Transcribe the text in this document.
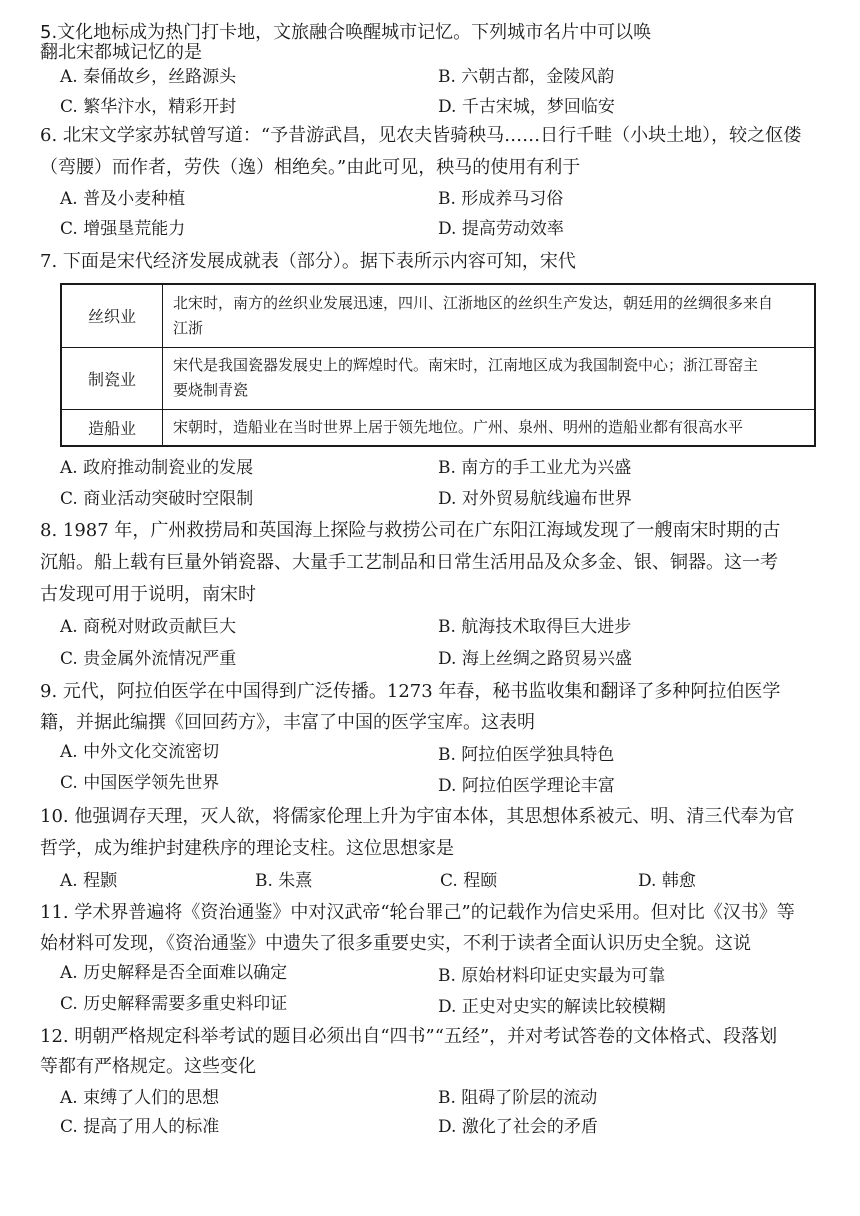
5.文化地标成为热门打卡地，文旅融合唤醒城市记忆。下列城市名片中可以唤
翻北宋都城记忆的是
A. 秦俑故乡，丝路源头	B. 六朝古都，金陵风韵
C. 繁华汴水，精彩开封	D. 千古宋城，梦回临安
6. 北宋文学家苏轼曾写道：“予昔游武昌，见农夫皆骑秧马……日行千畦（小块土地），较之伛偻
（弯腰）而作者，劳佚（逸）相绝矣。”由此可见，秧马的使用有利于
A. 普及小麦种植	B. 形成养马习俗
C. 增强垦荒能力	D. 提高劳动效率
7. 下面是宋代经济发展成就表（部分）。据下表所示内容可知，宋代
丝织业	北宋时，南方的丝织业发展迅速，四川、江浙地区的丝织生产发达，朝廷用的丝绸很多来自
江浙

制瓷业	宋代是我国瓷器发展史上的辉煌时代。南宋时，江南地区成为我国制瓷中心；浙江哥窑主
要烧制青瓷

造船业	宋朝时，造船业在当时世界上居于领先地位。广州、泉州、明州的造船业都有很高水平
A. 政府推动制瓷业的发展	B. 南方的手工业尤为兴盛
C. 商业活动突破时空限制	D. 对外贸易航线遍布世界
8. 1987 年，广州救捞局和英国海上探险与救捞公司在广东阳江海域发现了一艘南宋时期的古
沉船。船上载有巨量外销瓷器、大量手工艺制品和日常生活用品及众多金、银、铜器。这一考
古发现可用于说明，南宋时
A. 商税对财政贡献巨大	B. 航海技术取得巨大进步
C. 贵金属外流情况严重	D. 海上丝绸之路贸易兴盛
9. 元代，阿拉伯医学在中国得到广泛传播。1273 年春，秘书监收集和翻译了多种阿拉伯医学
籍，并据此编撰《回回药方》，丰富了中国的医学宝库。这表明
A. 中外文化交流密切	B. 阿拉伯医学独具特色
C. 中国医学领先世界	D. 阿拉伯医学理论丰富
10. 他强调存天理，灭人欲，将儒家伦理上升为宇宙本体，其思想体系被元、明、清三代奉为官
哲学，成为维护封建秩序的理论支柱。这位思想家是
A. 程颢	B. 朱熹	C. 程颐	D. 韩愈
11. 学术界普遍将《资治通鉴》中对汉武帝“轮台罪己”的记载作为信史采用。但对比《汉书》等
始材料可发现，《资治通鉴》中遗失了很多重要史实，不利于读者全面认识历史全貌。这说
A. 历史解释是否全面难以确定	B. 原始材料印证史实最为可靠
C. 历史解释需要多重史料印证	D. 正史对史实的解读比较模糊
12. 明朝严格规定科举考试的题目必须出自“四书”“五经”，并对考试答卷的文体格式、段落划
等都有严格规定。这些变化
A. 束缚了人们的思想	B. 阻碍了阶层的流动
C. 提高了用人的标准	D. 激化了社会的矛盾
